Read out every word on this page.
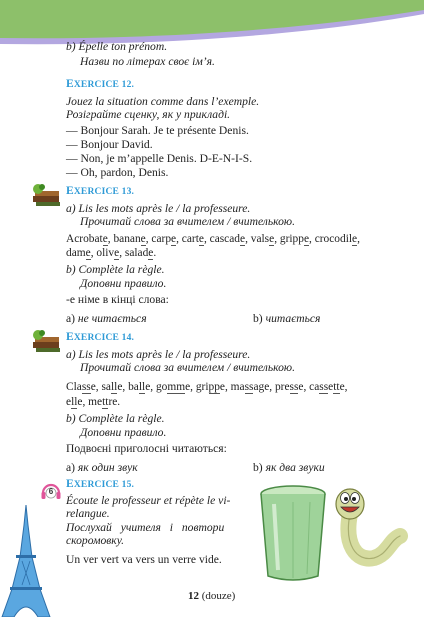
b) Épelle ton prénom.
Назви по літерах своє ім’я.
EXERCICE 12.
Jouez la situation comme dans l’exemple.
Розіграйте сценку, як у прикладі.
— Bonjour Sarah. Je te présente Denis.
— Bonjour David.
— Non, je m’appelle Denis. D-E-N-I-S.
— Oh, pardon, Denis.
EXERCICE 13.
a) Lis les mots après le / la professeure.
Прочитай слова за вчителем / вчителькою.
Acrobate, banane, carpe, carte, cascade, valse, grippe, crocodile,
dame, olive, salade.
b) Complète la règle.
Доповни правило.
-е німе в кінці слова:
a) не читається	b) читається
EXERCICE 14.
a) Lis les mots après le / la professeure.
Прочитай слова за вчителем / вчителькою.
Classe, salle, balle, gomme, grippe, massage, presse, cassette,
elle, mettre.
b) Complète la règle.
Доповни правило.
Подвоєні приголосні читаються:
a) як один звук	b) як два звуки
6
EXERCICE 15.
Écoute le professeur et répète le vi-
relangue.
Послухай учителя і повтори
скоромовку.
Un ver vert va vers un verre vide.
12 (douze)
